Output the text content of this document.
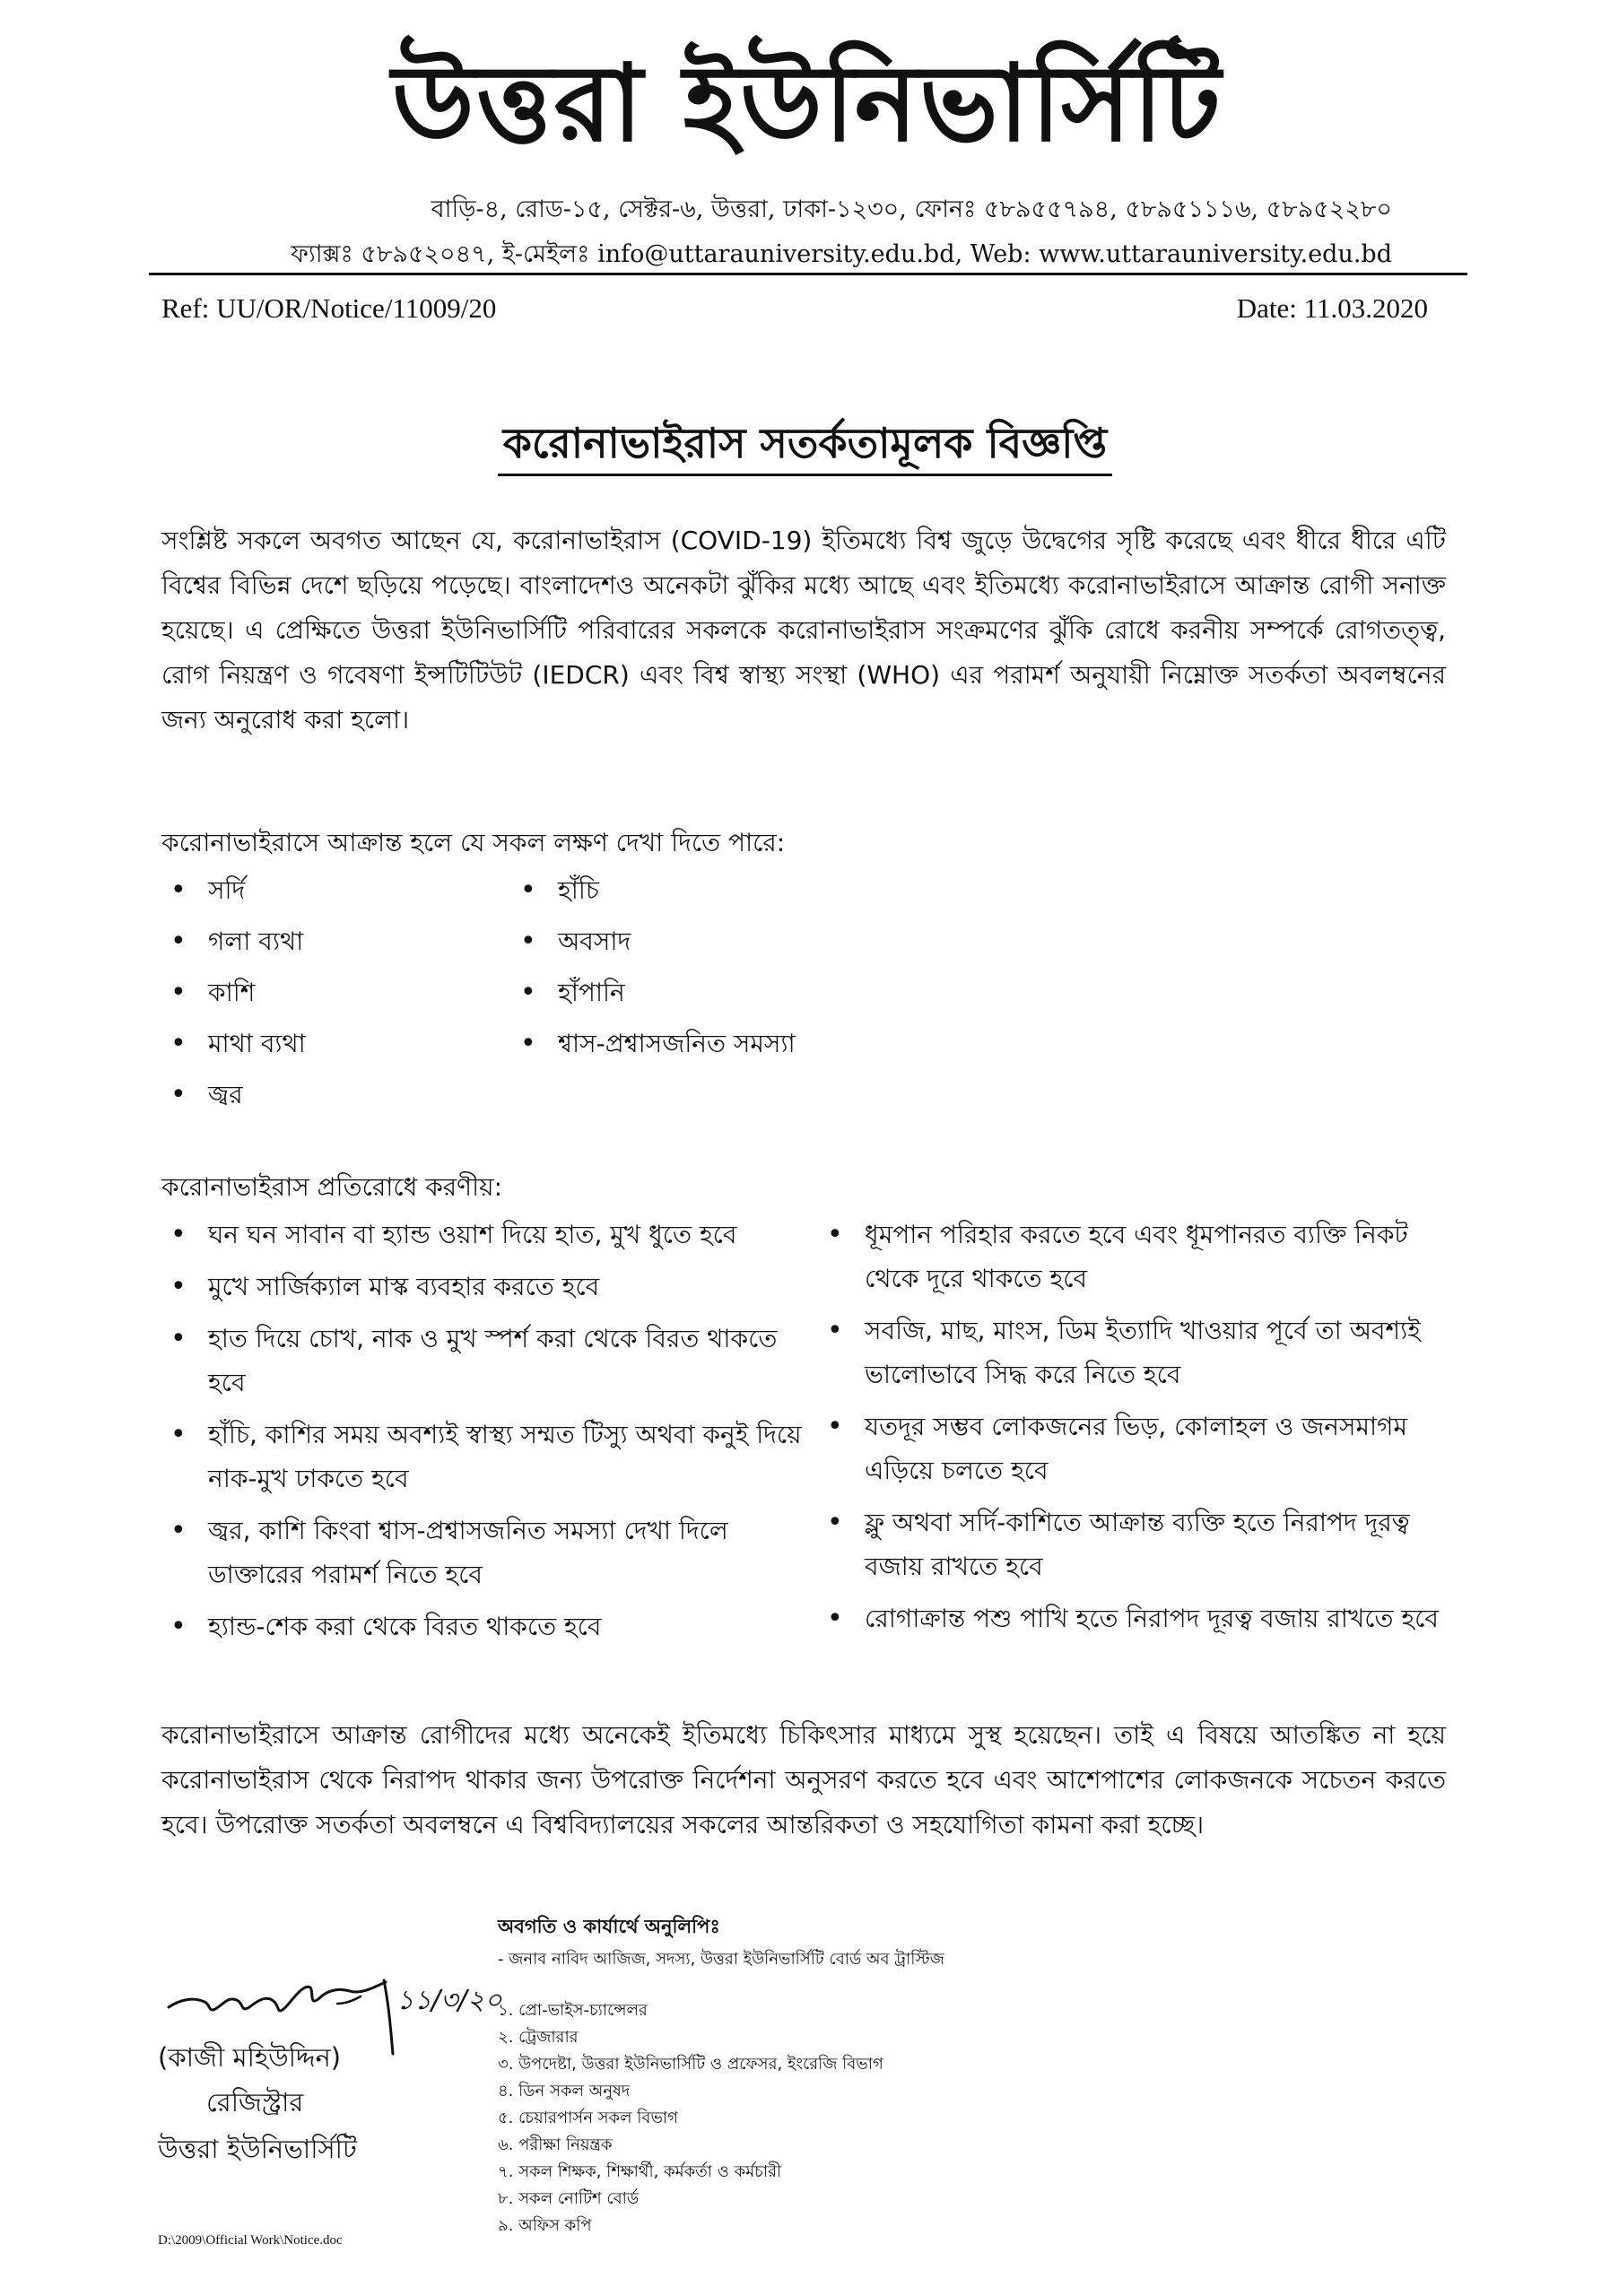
উত্তরা ইউনিভার্সিটি
বাড়ি-৪, রোড-১৫, সেক্টর-৬, উত্তরা, ঢাকা-১২৩০, ফোনঃ ৫৮৯৫৫৭৯৪, ৫৮৯৫১১১৬, ৫৮৯৫২২৮০
ফ্যাক্সঃ ৫৮৯৫২০৪৭, ই-মেইলঃ info@uttarauniversity.edu.bd, Web: www.uttarauniversity.edu.bd
Ref: UU/OR/Notice/11009/20	Date: 11.03.2020
করোনাভাইরাস সতর্কতামূলক বিজ্ঞপ্তি
সংশ্লিষ্ট সকলে অবগত আছেন যে, করোনাভাইরাস (COVID-19) ইতিমধ্যে বিশ্ব জুড়ে উদ্বেগের সৃষ্টি করেছে এবং ধীরে ধীরে এটি বিশ্বের বিভিন্ন দেশে ছড়িয়ে পড়েছে। বাংলাদেশও অনেকটা ঝুঁকির মধ্যে আছে এবং ইতিমধ্যে করোনাভাইরাসে আক্রান্ত রোগী সনাক্ত হয়েছে। এ প্রেক্ষিতে উত্তরা ইউনিভার্সিটি পরিবারের সকলকে করোনাভাইরাস সংক্রমণের ঝুঁকি রোধে করনীয় সম্পর্কে রোগতত্ত্ব, রোগ নিয়ন্ত্রণ ও গবেষণা ইন্সটিটিউট (IEDCR) এবং বিশ্ব স্বাস্থ্য সংস্থা (WHO) এর পরামর্শ অনুযায়ী নিম্নোক্ত সতর্কতা অবলম্বনের জন্য অনুরোধ করা হলো।
করোনাভাইরাসে আক্রান্ত হলে যে সকল লক্ষণ দেখা দিতে পারে:
• সর্দি
• গলা ব্যথা
• কাশি
• মাথা ব্যথা
• জ্বর
• হাঁচি
• অবসাদ
• হাঁপানি
• শ্বাস-প্রশ্বাসজনিত সমস্যা
করোনাভাইরাস প্রতিরোধে করণীয়:
• ঘন ঘন সাবান বা হ্যান্ড ওয়াশ দিয়ে হাত, মুখ ধুতে হবে
• মুখে সার্জিক্যাল মাস্ক ব্যবহার করতে হবে
• হাত দিয়ে চোখ, নাক ও মুখ স্পর্শ করা থেকে বিরত থাকতে হবে
• হাঁচি, কাশির সময় অবশ্যই স্বাস্থ্য সম্মত টিস্যু অথবা কনুই দিয়ে নাক-মুখ ঢাকতে হবে
• জ্বর, কাশি কিংবা শ্বাস-প্রশ্বাসজনিত সমস্যা দেখা দিলে ডাক্তারের পরামর্শ নিতে হবে
• হ্যান্ড-শেক করা থেকে বিরত থাকতে হবে
• ধূমপান পরিহার করতে হবে এবং ধূমপানরত ব্যক্তি নিকট থেকে দূরে থাকতে হবে
• সবজি, মাছ, মাংস, ডিম ইত্যাদি খাওয়ার পূর্বে তা অবশ্যই ভালোভাবে সিদ্ধ করে নিতে হবে
• যতদূর সম্ভব লোকজনের ভিড়, কোলাহল ও জনসমাগম এড়িয়ে চলতে হবে
• ফ্লু অথবা সর্দি-কাশিতে আক্রান্ত ব্যক্তি হতে নিরাপদ দূরত্ব বজায় রাখতে হবে
• রোগাক্রান্ত পশু পাখি হতে নিরাপদ দূরত্ব বজায় রাখতে হবে
করোনাভাইরাসে আক্রান্ত রোগীদের মধ্যে অনেকেই ইতিমধ্যে চিকিৎসার মাধ্যমে সুস্থ হয়েছেন। তাই এ বিষয়ে আতঙ্কিত না হয়ে করোনাভাইরাস থেকে নিরাপদ থাকার জন্য উপরোক্ত নির্দেশনা অনুসরণ করতে হবে এবং আশেপাশের লোকজনকে সচেতন করতে হবে। উপরোক্ত সতর্কতা অবলম্বনে এ বিশ্ববিদ্যালয়ের সকলের আন্তরিকতা ও সহযোগিতা কামনা করা হচ্ছে।
অবগতি ও কার্যার্থে অনুলিপিঃ
- জনাব নাবিদ আজিজ, সদস্য, উত্তরা ইউনিভার্সিটি বোর্ড অব ট্রাস্টিজ
১. প্রো-ভাইস-চ্যান্সেলর
২. ট্রেজারার
৩. উপদেষ্টা, উত্তরা ইউনিভার্সিটি ও প্রফেসর, ইংরেজি বিভাগ
৪. ডিন সকল অনুষদ
৫. চেয়ারপার্সন সকল বিভাগ
৬. পরীক্ষা নিয়ন্ত্রক
৭. সকল শিক্ষক, শিক্ষার্থী, কর্মকর্তা ও কর্মচারী
৮. সকল নোটিশ বোর্ড
৯. অফিস কপি
১১/৩/২০
(কাজী মহিউদ্দিন)
রেজিস্ট্রার
উত্তরা ইউনিভার্সিটি
D:\2009\Official Work\Notice.doc
